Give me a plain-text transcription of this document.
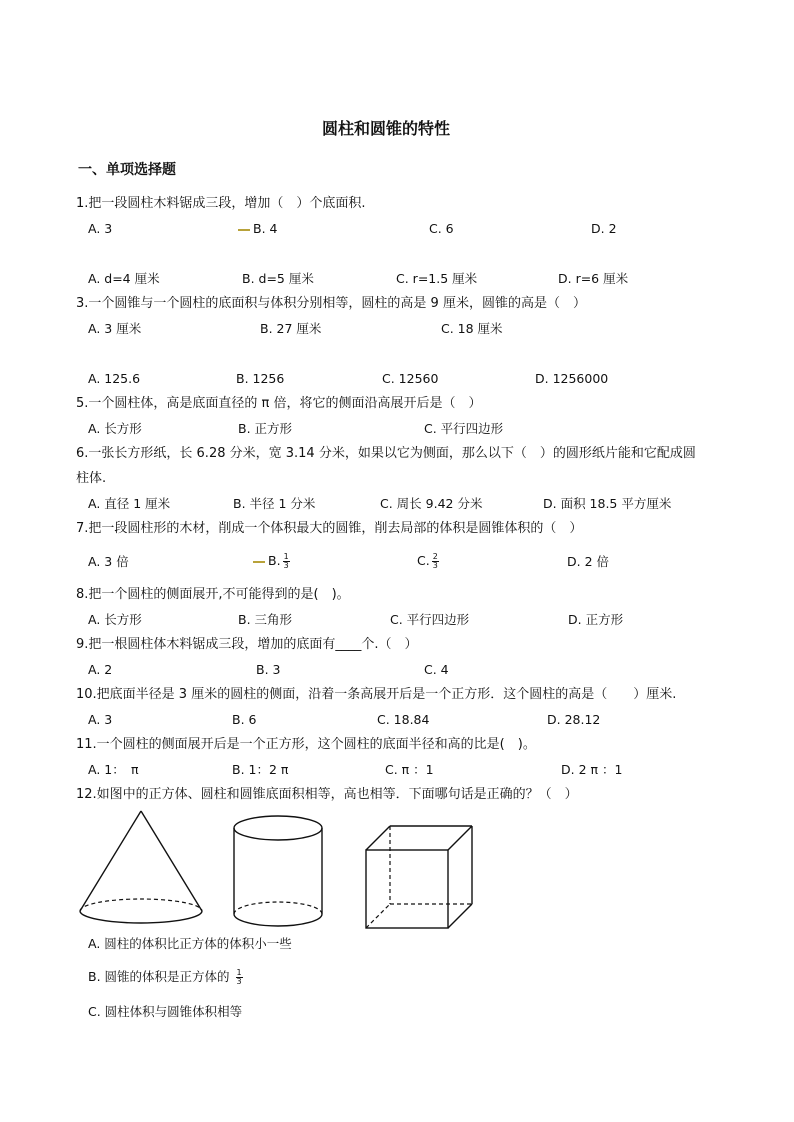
圆柱和圆锥的特性
一、单项选择题
1.把一段圆柱木料锯成三段，增加（　）个底面积.
A. 3	B. 4	C. 6	D. 2
A. d=4 厘米	B. d=5 厘米	C. r=1.5 厘米	D. r=6 厘米
3.一个圆锥与一个圆柱的底面积与体积分别相等，圆柱的高是 9 厘米，圆锥的高是（　）
A. 3 厘米	B. 27 厘米	C. 18 厘米
A. 125.6	B. 1256	C. 12560	D. 1256000
5.一个圆柱体，高是底面直径的 π 倍，将它的侧面沿高展开后是（　）
A. 长方形	B. 正方形	C. 平行四边形
6.一张长方形纸，长 6.28 分米，宽 3.14 分米，如果以它为侧面，那么以下（　）的圆形纸片能和它配成圆
柱体.
A. 直径 1 厘米	B. 半径 1 分米	C. 周长 9.42 分米	D. 面积 18.5 平方厘米
7.把一段圆柱形的木材，削成一个体积最大的圆锥，削去局部的体积是圆锥体积的（　）
A. 3 倍	B. $\frac{1}{3}$	C. $\frac{2}{3}$	D. 2 倍
8.把一个圆柱的侧面展开,不可能得到的是(　)。
A. 长方形	B. 三角形	C. 平行四边形	D. 正方形
9.把一根圆柱体木料锯成三段，增加的底面有____个.（　）
A. 2	B. 3	C. 4
10.把底面半径是 3 厘米的圆柱的侧面，沿着一条高展开后是一个正方形．这个圆柱的高是（　　）厘米.
A. 3	B. 6	C. 18.84	D. 28.12
11.一个圆柱的侧面展开后是一个正方形，这个圆柱的底面半径和高的比是(　)。
A. 1：　π	B. 1：2 π	C. π ：1	D. 2 π ：1
12.如图中的正方体、圆柱和圆锥底面积相等，高也相等．下面哪句话是正确的？（　）
A. 圆柱的体积比正方体的体积小一些
B. 圆锥的体积是正方体的 $\frac{1}{3}$
C. 圆柱体积与圆锥体积相等
